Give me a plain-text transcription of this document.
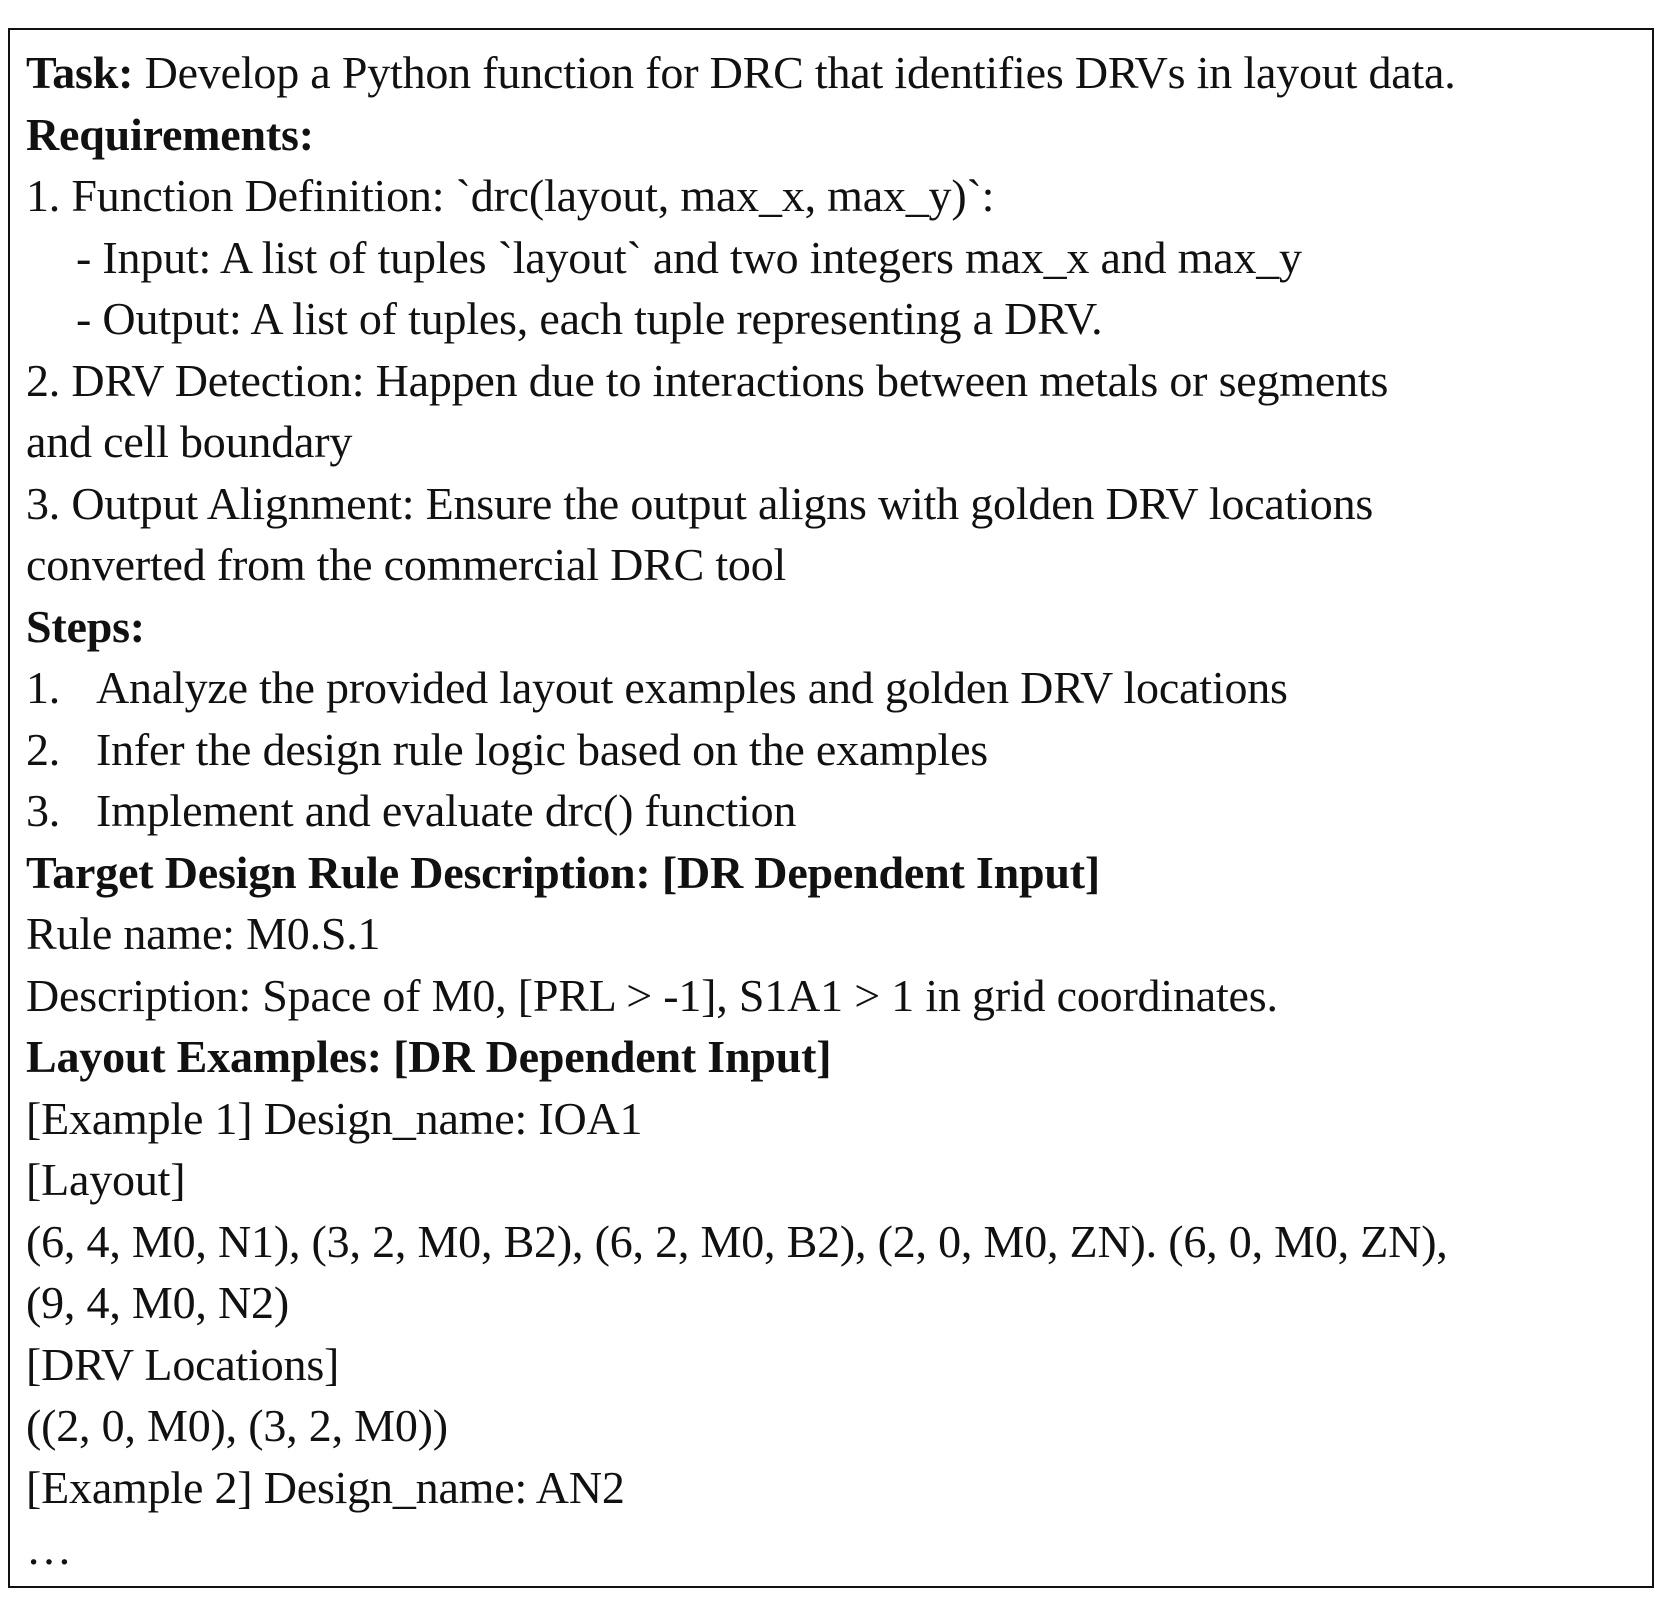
Task: Develop a Python function for DRC that identifies DRVs in layout data.
Requirements:
1. Function Definition: `drc(layout, max_x, max_y)`:
- Input: A list of tuples `layout` and two integers max_x and max_y
- Output: A list of tuples, each tuple representing a DRV.
2. DRV Detection: Happen due to interactions between metals or segments
and cell boundary
3. Output Alignment: Ensure the output aligns with golden DRV locations
converted from the commercial DRC tool
Steps:
1. Analyze the provided layout examples and golden DRV locations
2. Infer the design rule logic based on the examples
3. Implement and evaluate drc() function
Target Design Rule Description: [DR Dependent Input]
Rule name: M0.S.1
Description: Space of M0, [PRL > -1], S1A1 > 1 in grid coordinates.
Layout Examples: [DR Dependent Input]
[Example 1] Design_name: IOA1
[Layout]
(6, 4, M0, N1), (3, 2, M0, B2), (6, 2, M0, B2), (2, 0, M0, ZN). (6, 0, M0, ZN),
(9, 4, M0, N2)
[DRV Locations]
((2, 0, M0), (3, 2, M0))
[Example 2] Design_name: AN2
…
